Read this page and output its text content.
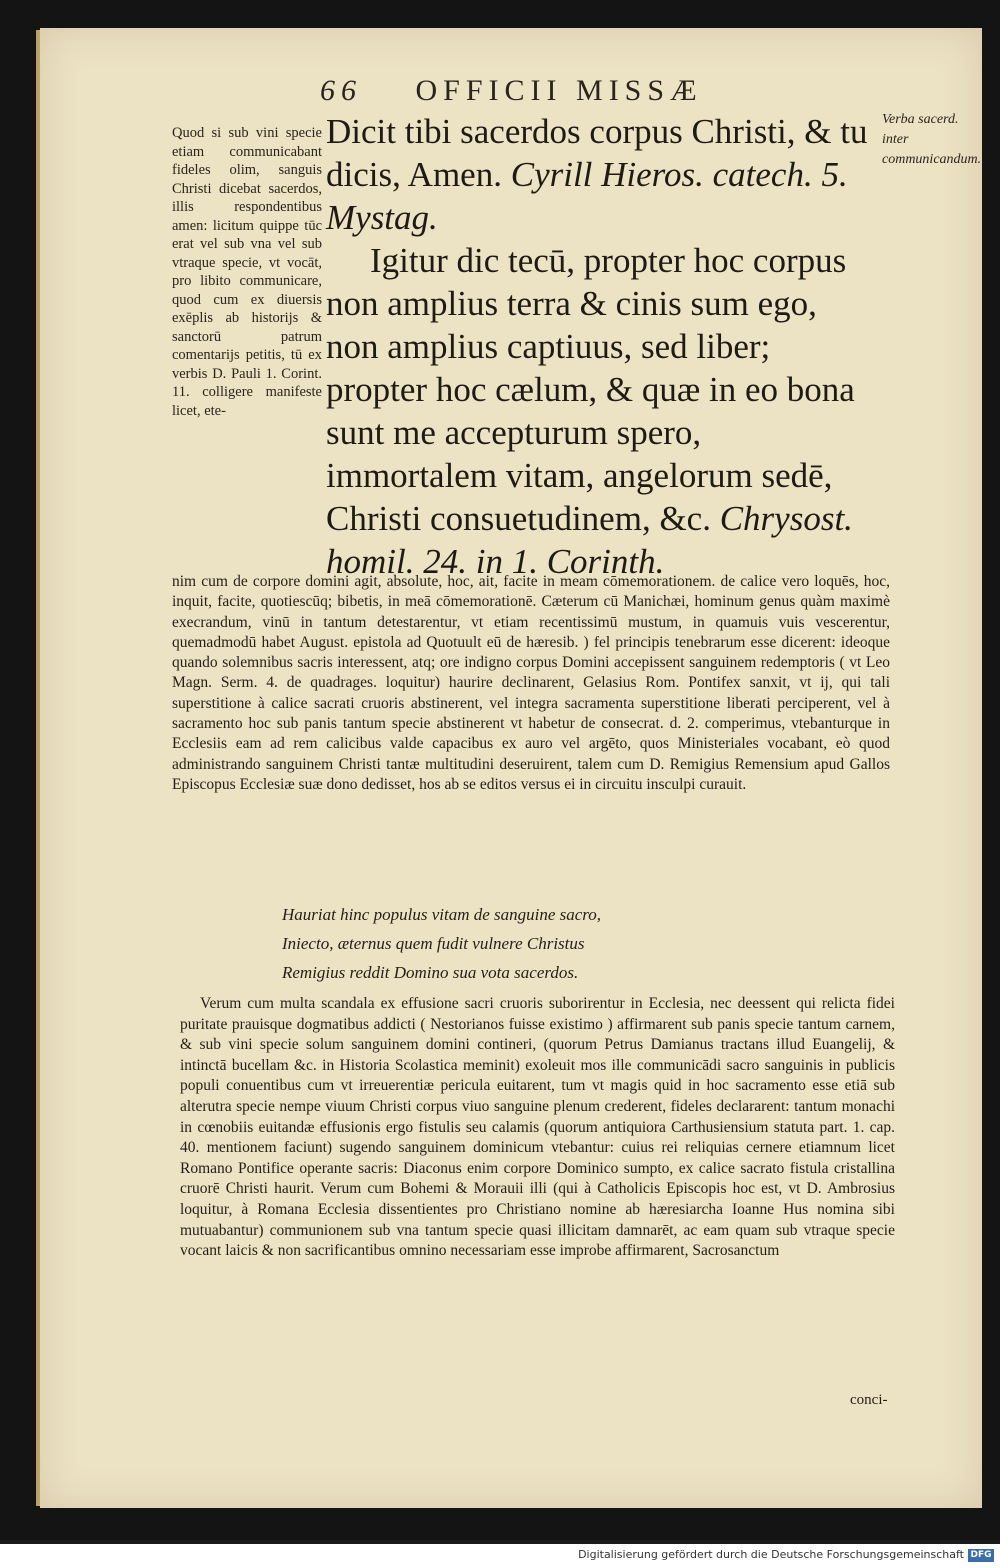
66 OFFICII MISSÆ
Verba sacerd. inter communicandum.
Quod si sub vini specie etiam communicabant fideles olim, sanguis Christi dicebat sacerdos, illis respondentibus amen: licitum quippe tūc erat vel sub vna vel sub vtraque specie, vt vocāt, pro libito communicare, quod cum ex diuersis exēplis ab historijs & sanctorū patrum comentarijs petitis, tū ex verbis D. Pauli 1. Corint. 11. colligere manifeste licet, ete-

Dicit tibi sacerdos corpus Christi, & tu dicis, Amen. Cyrill Hieros. catech. 5. Mystag.

Igitur dic tecū, propter hoc corpus non amplius terra & cinis sum ego, non amplius captiuus, sed liber; propter hoc cælum, & quæ in eo bona sunt me accepturum spero, immortalem vitam, angelorum sedē, Christi consuetudinem, &c. Chrysost. homil. 24. in 1. Corinth.

nim cum de corpore domini agit, absolute, hoc, ait, facite in meam cōmemorationem. de calice vero loquēs, hoc, inquit, facite, quotiescūq; bibetis, in meā cōmemorationē. Cæterum cū Manichæi, hominum genus quàm maximè execrandum, vinū in tantum detestarentur, vt etiam recentissimū mustum, in quamuis vuis vescerentur, quemadmodū habet August. epistola ad Quotuult eū de hæresib. ) fel principis tenebrarum esse dicerent: ideoque quando solemnibus sacris interessent, atq; ore indigno corpus Domini accepissent sanguinem redemptoris ( vt Leo Magn. Serm. 4. de quadrages. loquitur) haurire declinarent, Gelasius Rom. Pontifex sanxit, vt ij, qui tali superstitione à calice sacrati cruoris abstinerent, vel integra sacramenta superstitione liberati perciperent, vel à sacramento hoc sub panis tantum specie abstinerent vt habetur de consecrat. d. 2. comperimus, vtebanturque in Ecclesiis eam ad rem calicibus valde capacibus ex auro vel argēto, quos Ministeriales vocabant, eò quod administrando sanguinem Christi tantæ multitudini deseruirent, talem cum D. Remigius Remensium apud Gallos Episcopus Ecclesiæ suæ dono dedisset, hos ab se editos versus ei in circuitu insculpi curauit.

Hauriat hinc populus vitam de sanguine sacro,
Iniecto, æternus quem fudit vulnere Christus
Remigius reddit Domino sua vota sacerdos.

Verum cum multa scandala ex effusione sacri cruoris suborirentur in Ecclesia, nec deessent qui relicta fidei puritate prauisque dogmatibus addicti ( Nestorianos fuisse existimo ) affirmarent sub panis specie tantum carnem, & sub vini specie solum sanguinem domini contineri, (quorum Petrus Damianus tractans illud Euangelij, & intinctā bucellam &c. in Historia Scolastica meminit) exoleuit mos ille communicādi sacro sanguinis in publicis populi conuentibus cum vt irreuerentiæ pericula euitarent, tum vt magis quid in hoc sacramento esse etiā sub alterutra specie nempe viuum Christi corpus viuo sanguine plenum crederent, fideles declararent: tantum monachi in cœnobiis euitandæ effusionis ergo fistulis seu calamis (quorum antiquiora Carthusiensium statuta part. 1. cap. 40. mentionem faciunt) sugendo sanguinem dominicum vtebantur: cuius rei reliquias cernere etiamnum licet Romano Pontifice operante sacris: Diaconus enim corpore Dominico sumpto, ex calice sacrato fistula cristallina cruorē Christi haurit. Verum cum Bohemi & Morauii illi (qui à Catholicis Episcopis hoc est, vt D. Ambrosius loquitur, à Romana Ecclesia dissentientes pro Christiano nomine ab hæresiarcha Ioanne Hus nomina sibi mutuabantur) communionem sub vna tantum specie quasi illicitam damnarēt, ac eam quam sub vtraque specie vocant laicis & non sacrificantibus omnino necessariam esse improbe affirmarent, Sacrosanctum

conci-
Digitalisierung gefördert durch die Deutsche Forschungsgemeinschaft DFG
